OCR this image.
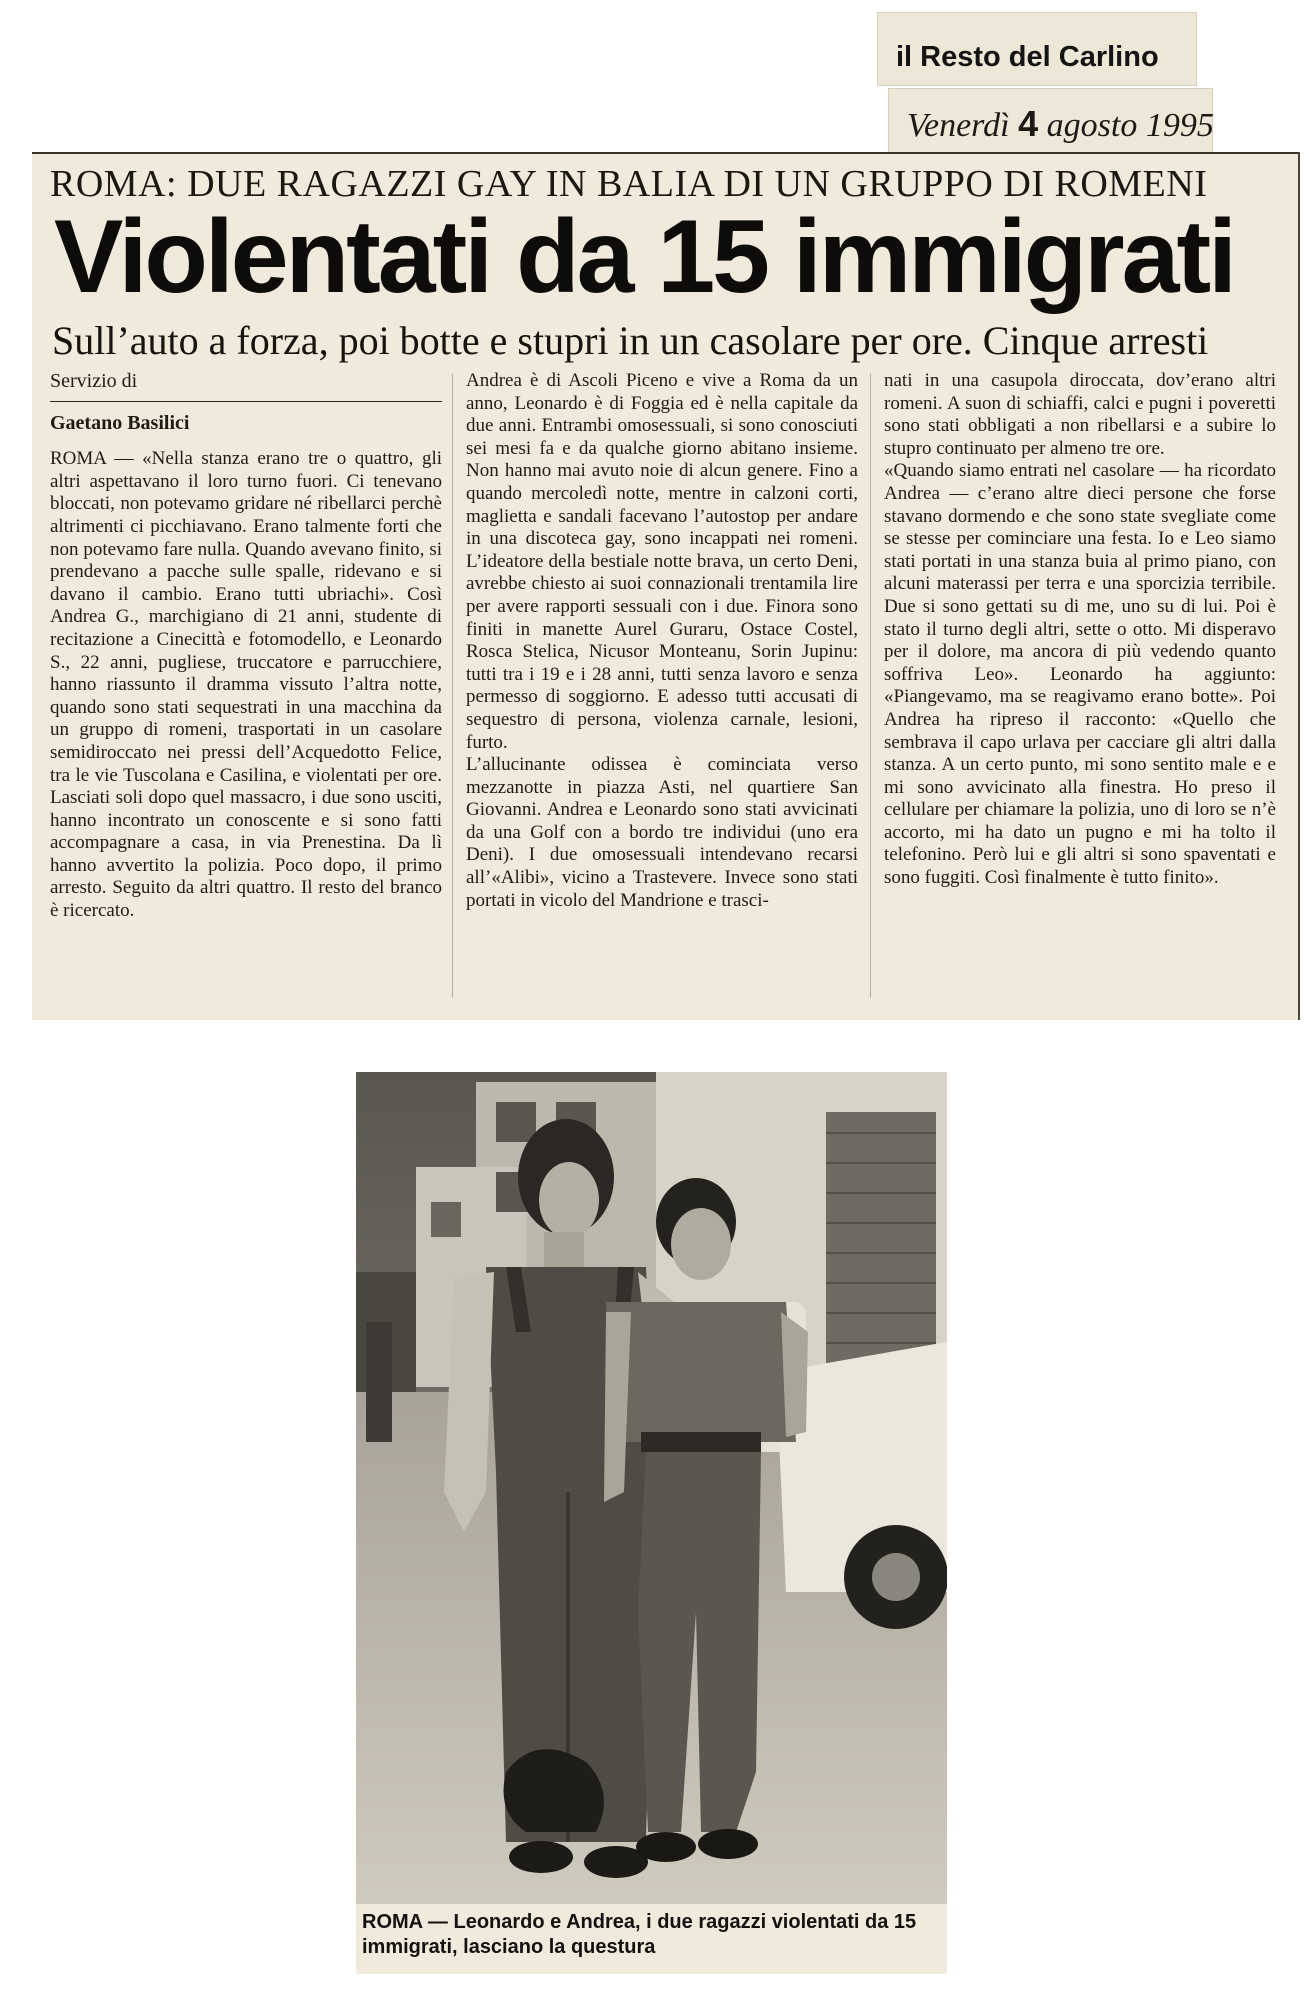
il Resto del Carlino
Venerdì 4 agosto 1995
ROMA: DUE RAGAZZI GAY IN BALIA DI UN GRUPPO DI ROMENI
Violentati da 15 immigrati
Sull’auto a forza, poi botte e stupri in un casolare per ore. Cinque arresti
Servizio di
Gaetano Basilici

ROMA — «Nella stanza erano tre o quattro, gli altri aspettavano il loro turno fuori. Ci tenevano bloccati, non potevamo gridare né ribellarci perchè altrimenti ci picchiavano. Erano talmente forti che non potevamo fare nulla. Quando avevano finito, si prendevano a pacche sulle spalle, ridevano e si davano il cambio. Erano tutti ubriachi». Così Andrea G., marchigiano di 21 anni, studente di recitazione a Cinecittà e fotomodello, e Leonardo S., 22 anni, pugliese, truccatore e parrucchiere, hanno riassunto il dramma vissuto l’altra notte, quando sono stati sequestrati in una macchina da un gruppo di romeni, trasportati in un casolare semidiroccato nei pressi dell’Acquedotto Felice, tra le vie Tuscolana e Casilina, e violentati per ore. Lasciati soli dopo quel massacro, i due sono usciti, hanno incontrato un conoscente e si sono fatti accompagnare a casa, in via Prenestina. Da lì hanno avvertito la polizia. Poco dopo, il primo arresto. Seguito da altri quattro. Il resto del branco è ricercato.

Andrea è di Ascoli Piceno e vive a Roma da un anno, Leonardo è di Foggia ed è nella capitale da due anni. Entrambi omosessuali, si sono conosciuti sei mesi fa e da qualche giorno abitano insieme. Non hanno mai avuto noie di alcun genere. Fino a quando mercoledì notte, mentre in calzoni corti, maglietta e sandali facevano l’autostop per andare in una discoteca gay, sono incappati nei romeni. L’ideatore della bestiale notte brava, un certo Deni, avrebbe chiesto ai suoi connazionali trentamila lire per avere rapporti sessuali con i due. Finora sono finiti in manette Aurel Guraru, Ostace Costel, Rosca Stelica, Nicusor Monteanu, Sorin Jupinu: tutti tra i 19 e i 28 anni, tutti senza lavoro e senza permesso di soggiorno. E adesso tutti accusati di sequestro di persona, violenza carnale, lesioni, furto.

L’allucinante odissea è cominciata verso mezzanotte in piazza Asti, nel quartiere San Giovanni. Andrea e Leonardo sono stati avvicinati da una Golf con a bordo tre individui (uno era Deni). I due omosessuali intendevano recarsi all’«Alibi», vicino a Trastevere. Invece sono stati portati in vicolo del Mandrione e trasci-

nati in una casupola diroccata, dov’erano altri romeni. A suon di schiaffi, calci e pugni i poveretti sono stati obbligati a non ribellarsi e a subire lo stupro continuato per almeno tre ore.

«Quando siamo entrati nel casolare — ha ricordato Andrea — c’erano altre dieci persone che forse stavano dormendo e che sono state svegliate come se stesse per cominciare una festa. Io e Leo siamo stati portati in una stanza buia al primo piano, con alcuni materassi per terra e una sporcizia terribile. Due si sono gettati su di me, uno su di lui. Poi è stato il turno degli altri, sette o otto. Mi disperavo per il dolore, ma ancora di più vedendo quanto soffriva Leo». Leonardo ha aggiunto: «Piangevamo, ma se reagivamo erano botte». Poi Andrea ha ripreso il racconto: «Quello che sembrava il capo urlava per cacciare gli altri dalla stanza. A un certo punto, mi sono sentito male e e mi sono avvicinato alla finestra. Ho preso il cellulare per chiamare la polizia, uno di loro se n’è accorto, mi ha dato un pugno e mi ha tolto il telefonino. Però lui e gli altri si sono spaventati e sono fuggiti. Così finalmente è tutto finito».

ROMA — Leonardo e Andrea, i due ragazzi violentati da 15 immigrati, lasciano la questura
